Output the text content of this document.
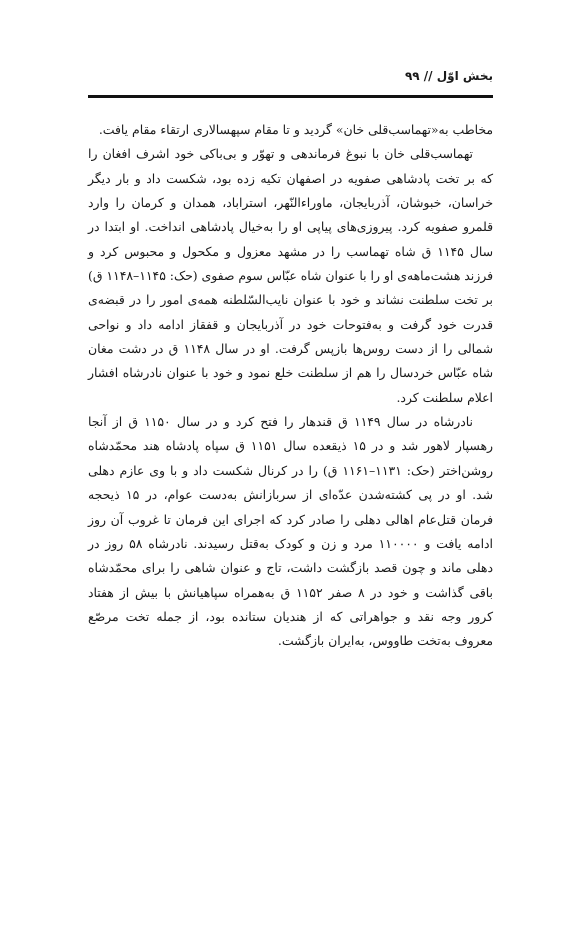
بخش اوّل // ۹۹

مخاطب به«تهماسب‌قلی خان» گردید و تا مقام سپهسالاری ارتقاء مقام یافت.

تهماسب‌قلی خان با نبوغ فرماندهی و تهوّر و بی‌باکی خود اشرف افغان را که بر تخت پادشاهی صفویه در اصفهان تکیه زده بود، شکست داد و بار دیگر خراسان، خبوشان، آذربایجان، ماوراءالنّهر، استراباد، همدان و کرمان را وارد قلمرو صفویه کرد. پیروزی‌های پیاپی او را به‌خیال پادشاهی انداخت. او ابتدا در سال ۱۱۴۵ ق شاه تهماسب را در مشهد معزول و مکحول و محبوس کرد و فرزند هشت‌ماهه‌ی او را با عنوان شاه عبّاس سوم صفوی (حک: ۱۱۴۵–۱۱۴۸ ق) بر تخت سلطنت نشاند و خود با عنوان نایب‌السّلطنه همه‌ی امور را در قبضه‌ی قدرت خود گرفت و به‌فتوحات خود در آذربایجان و قفقاز ادامه داد و نواحی شمالی را از دست روس‌ها بازپس گرفت. او در سال ۱۱۴۸ ق در دشت مغان شاه عبّاس خردسال را هم از سلطنت خلع نمود و خود با عنوان نادرشاه افشار اعلام سلطنت کرد.

نادرشاه در سال ۱۱۴۹ ق قندهار را فتح کرد و در سال ۱۱۵۰ ق از آنجا رهسپار لاهور شد و در ۱۵ ذیقعده سال ۱۱۵۱ ق سپاه پادشاه هند محمّدشاه روشن‌اختر (حک: ۱۱۳۱–۱۱۶۱ ق) را در کرنال شکست داد و با وی عازم دهلی شد. او در پی کشته‌شدن عدّه‌ای از سربازانش به‌دست عوام، در ۱۵ ذیحجه فرمان قتل‌عام اهالی دهلی را صادر کرد که اجرای این فرمان تا غروب آن روز ادامه یافت و ۱۱۰۰۰۰ مرد و زن و کودک به‌قتل رسیدند. نادرشاه ۵۸ روز در دهلی ماند و چون قصد بازگشت داشت، تاج و عنوان شاهی را برای محمّدشاه باقی گذاشت و خود در ۸ صفر ۱۱۵۲ ق به‌همراه سپاهیانش با بیش از هفتاد کرور وجه نقد و جواهراتی که از هندیان ستانده بود، از جمله تخت مرصّع معروف به‌تخت طاووس، به‌ایران بازگشت.
